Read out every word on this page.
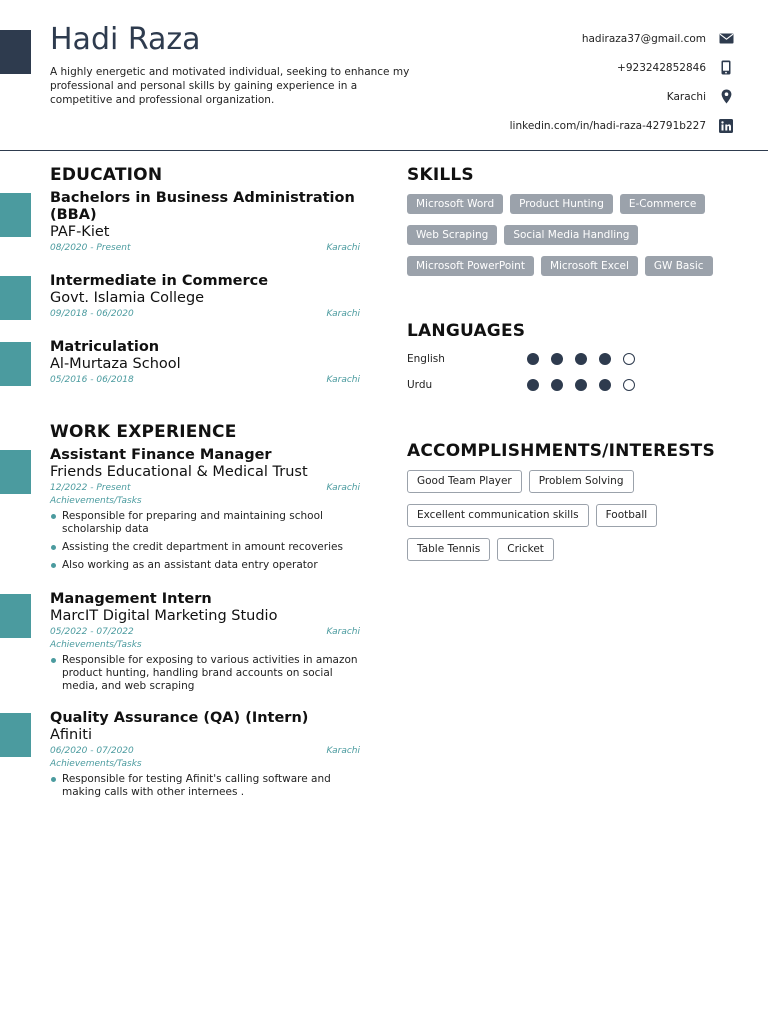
Hadi Raza
A highly energetic and motivated individual, seeking to enhance my professional and personal skills by gaining experience in a competitive and professional organization.
hadiraza37@gmail.com
+923242852846
Karachi
linkedin.com/in/hadi-raza-42791b227
EDUCATION
Bachelors in Business Administration (BBA)
PAF-Kiet
08/2020 - Present	Karachi
Intermediate in Commerce
Govt. Islamia College
09/2018 - 06/2020	Karachi
Matriculation
Al-Murtaza School
05/2016 - 06/2018	Karachi
WORK EXPERIENCE
Assistant Finance Manager
Friends Educational & Medical Trust
12/2022 - Present	Karachi
Achievements/Tasks
Responsible for preparing and maintaining school scholarship data
Assisting the credit department in amount recoveries
Also working as an assistant data entry operator
Management Intern
MarcIT Digital Marketing Studio
05/2022 - 07/2022	Karachi
Achievements/Tasks
Responsible for exposing to various activities in amazon product hunting, handling brand accounts on social media, and web scraping
Quality Assurance (QA) (Intern)
Afiniti
06/2020 - 07/2020	Karachi
Achievements/Tasks
Responsible for testing Afinit's calling software and making calls with other internees .
SKILLS
Microsoft Word	Product Hunting	E-Commerce
Web Scraping	Social Media Handling
Microsoft PowerPoint	Microsoft Excel	GW Basic
LANGUAGES
English
Urdu
ACCOMPLISHMENTS/INTERESTS
Good Team Player	Problem Solving
Excellent communication skills	Football
Table Tennis	Cricket
